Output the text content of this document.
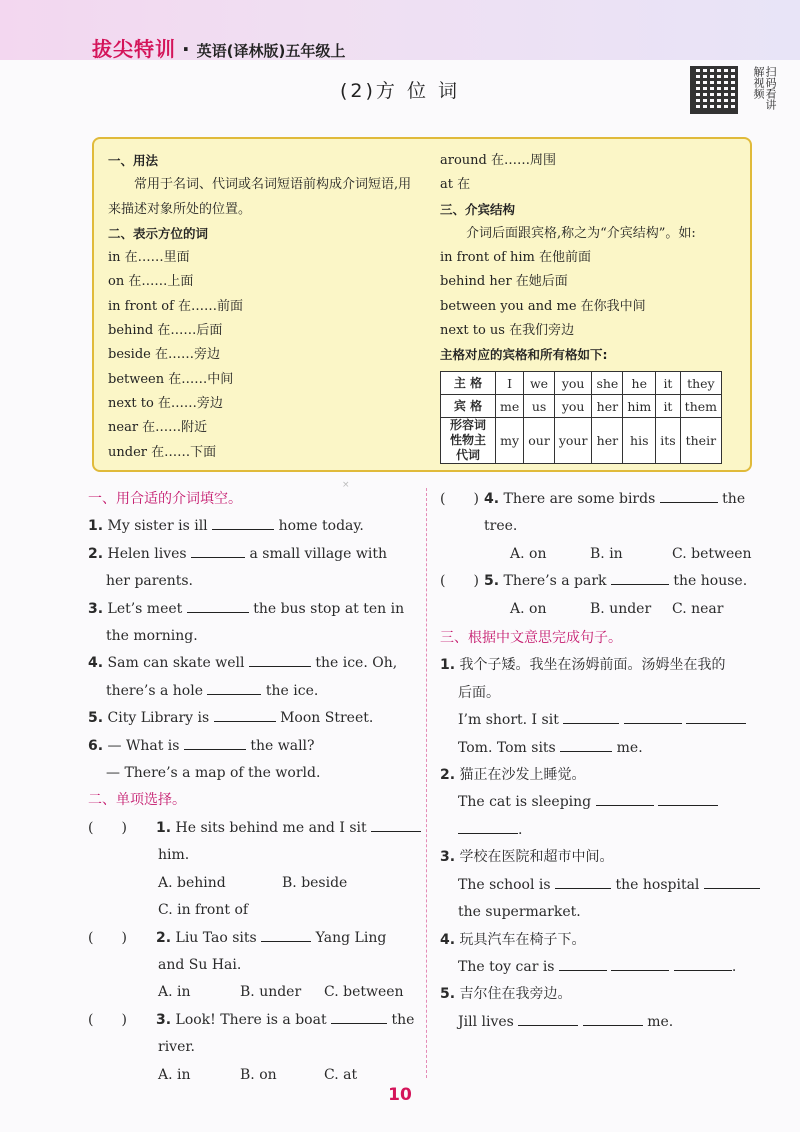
拔尖特训 · 英语(译林版)五年级上
(2)方 位 词	扫码看讲解视频
一、用法
常用于名词、代词或名词短语前构成介词短语,用来描述对象所处的位置。
二、表示方位的词
in 在……里面
on 在……上面
in front of 在……前面
behind 在……后面
beside 在……旁边
between 在……中间
next to 在……旁边
near 在……附近
under 在……下面
around 在……周围
at 在
三、介宾结构
介词后面跟宾格,称之为“介宾结构”。如:
in front of him 在他前面
behind her 在她后面
between you and me 在你我中间
next to us 在我们旁边
主格对应的宾格和所有格如下:
主 格	I	we	you	she	he	it	they
宾 格	me	us	you	her	him	it	them
形容词性物主代词	my	our	your	her	his	its	their
×

一、用合适的介词填空。

1. My sister is ill	home today.

2. Helen lives	a small village with

her parents.

3. Let’s meet	the bus stop at ten in

the morning.

4. Sam can skate well	the ice. Oh,

there’s a hole	the ice.

5. City Library is	Moon Street.

6. — What is	the wall?

— There’s a map of the world.

二、单项选择。

(　　) 1. He sits behind me and I sit

him.

A. behind	B. beside

C. in front of

(　　) 2. Liu Tao sits	Yang Ling

and Su Hai.

A. in	B. under C. between

(　　) 3. Look! There is a boat	the

river.

A. in	B. on	C. at

(　　) 4. There are some birds	the

tree.

A. on	B. in	C. between

(　　) 5. There’s a park	the house.

A. on	B. under C. near

三、根据中文意思完成句子。

1. 我个子矮。我坐在汤姆前面。汤姆坐在我的

后面。

I’m short. I sit

Tom. Tom sits	me.

2. 猫正在沙发上睡觉。

The cat is sleeping

.

3. 学校在医院和超市中间。

The school is	the hospital

the supermarket.

4. 玩具汽车在椅子下。

The toy car is	.

5. 吉尔住在我旁边。

Jill lives	me.

10
